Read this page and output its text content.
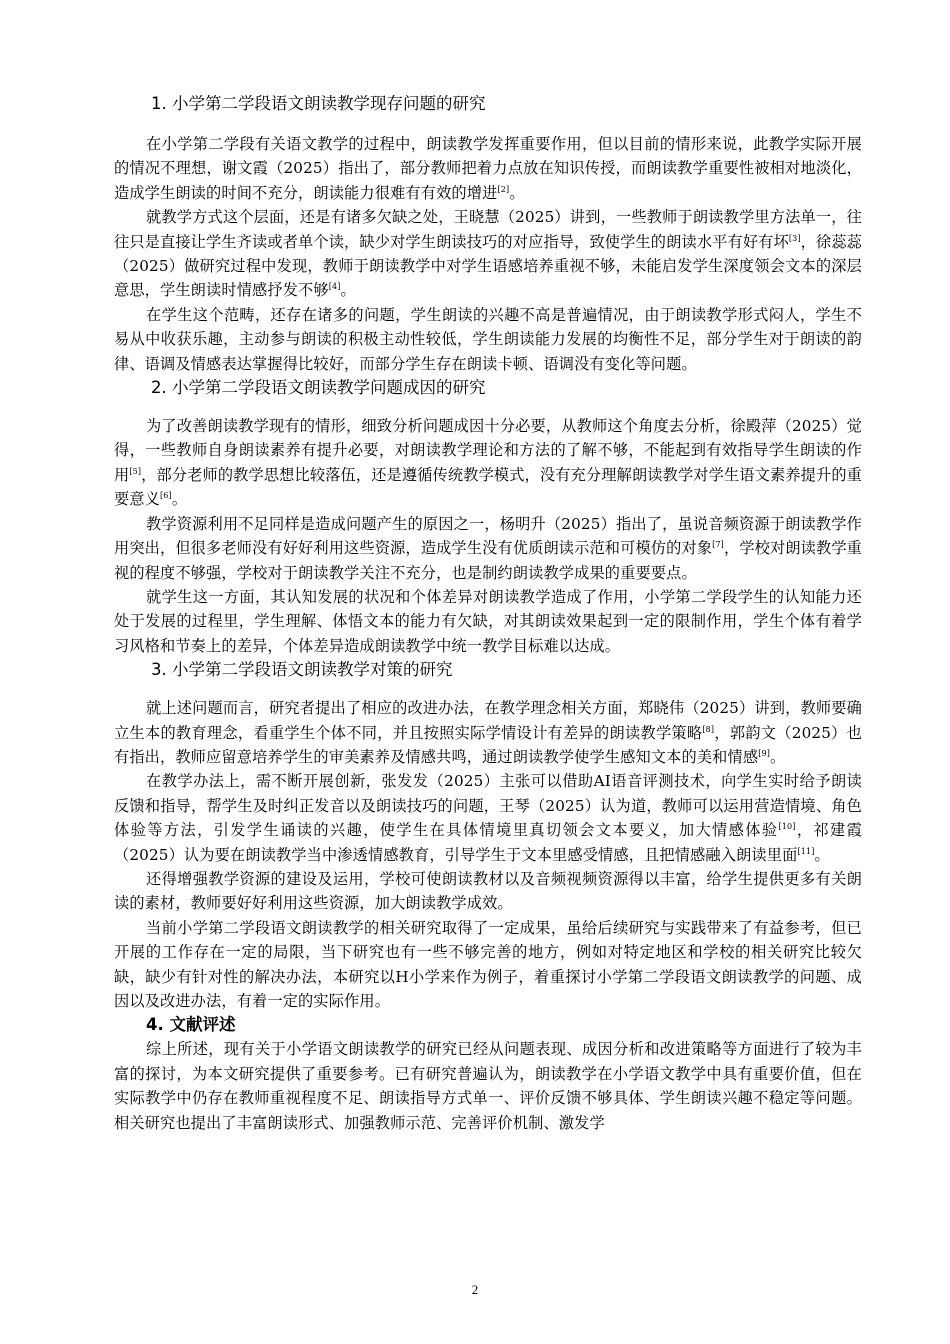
1. 小学第二学段语文朗读教学现存问题的研究

在小学第二学段有关语文教学的过程中，朗读教学发挥重要作用，但以目前的情形来说，此教学实际开展的情况不理想，谢文霞（2025）指出了，部分教师把着力点放在知识传授，而朗读教学重要性被相对地淡化，造成学生朗读的时间不充分，朗读能力很难有有效的增进[2]。

就教学方式这个层面，还是有诸多欠缺之处，王晓慧（2025）讲到，一些教师于朗读教学里方法单一，往往只是直接让学生齐读或者单个读，缺少对学生朗读技巧的对应指导，致使学生的朗读水平有好有坏[3]，徐蕊蕊（2025）做研究过程中发现，教师于朗读教学中对学生语感培养重视不够，未能启发学生深度领会文本的深层意思，学生朗读时情感抒发不够[4]。

在学生这个范畴，还存在诸多的问题，学生朗读的兴趣不高是普遍情况，由于朗读教学形式闷人，学生不易从中收获乐趣，主动参与朗读的积极主动性较低，学生朗读能力发展的均衡性不足，部分学生对于朗读的韵律、语调及情感表达掌握得比较好，而部分学生存在朗读卡顿、语调没有变化等问题。

2. 小学第二学段语文朗读教学问题成因的研究

为了改善朗读教学现有的情形，细致分析问题成因十分必要，从教师这个角度去分析，徐殿萍（2025）觉得，一些教师自身朗读素养有提升必要，对朗读教学理论和方法的了解不够，不能起到有效指导学生朗读的作用[5]，部分老师的教学思想比较落伍，还是遵循传统教学模式，没有充分理解朗读教学对学生语文素养提升的重要意义[6]。

教学资源利用不足同样是造成问题产生的原因之一，杨明升（2025）指出了，虽说音频资源于朗读教学作用突出，但很多老师没有好好利用这些资源，造成学生没有优质朗读示范和可模仿的对象[7]，学校对朗读教学重视的程度不够强，学校对于朗读教学关注不充分，也是制约朗读教学成果的重要要点。

就学生这一方面，其认知发展的状况和个体差异对朗读教学造成了作用，小学第二学段学生的认知能力还处于发展的过程里，学生理解、体悟文本的能力有欠缺，对其朗读效果起到一定的限制作用，学生个体有着学习风格和节奏上的差异，个体差异造成朗读教学中统一教学目标难以达成。

3. 小学第二学段语文朗读教学对策的研究

就上述问题而言，研究者提出了相应的改进办法，在教学理念相关方面，郑晓伟（2025）讲到，教师要确立生本的教育理念，看重学生个体不同，并且按照实际学情设计有差异的朗读教学策略[8]，郭韵文（2025）也有指出，教师应留意培养学生的审美素养及情感共鸣，通过朗读教学使学生感知文本的美和情感[9]。

在教学办法上，需不断开展创新，张发发（2025）主张可以借助AI语音评测技术，向学生实时给予朗读反馈和指导，帮学生及时纠正发音以及朗读技巧的问题，王琴（2025）认为道，教师可以运用营造情境、角色体验等方法，引发学生诵读的兴趣，使学生在具体情境里真切领会文本要义，加大情感体验[10]，祁建霞（2025）认为要在朗读教学当中渗透情感教育，引导学生于文本里感受情感，且把情感融入朗读里面[11]。

还得增强教学资源的建设及运用，学校可使朗读教材以及音频视频资源得以丰富，给学生提供更多有关朗读的素材，教师要好好利用这些资源，加大朗读教学成效。

当前小学第二学段语文朗读教学的相关研究取得了一定成果，虽给后续研究与实践带来了有益参考，但已开展的工作存在一定的局限，当下研究也有一些不够完善的地方，例如对特定地区和学校的相关研究比较欠缺，缺少有针对性的解决办法，本研究以H小学来作为例子，着重探讨小学第二学段语文朗读教学的问题、成因以及改进办法，有着一定的实际作用。

4. 文献评述

综上所述，现有关于小学语文朗读教学的研究已经从问题表现、成因分析和改进策略等方面进行了较为丰富的探讨，为本文研究提供了重要参考。已有研究普遍认为，朗读教学在小学语文教学中具有重要价值，但在实际教学中仍存在教师重视程度不足、朗读指导方式单一、评价反馈不够具体、学生朗读兴趣不稳定等问题。相关研究也提出了丰富朗读形式、加强教师示范、完善评价机制、激发学

2
